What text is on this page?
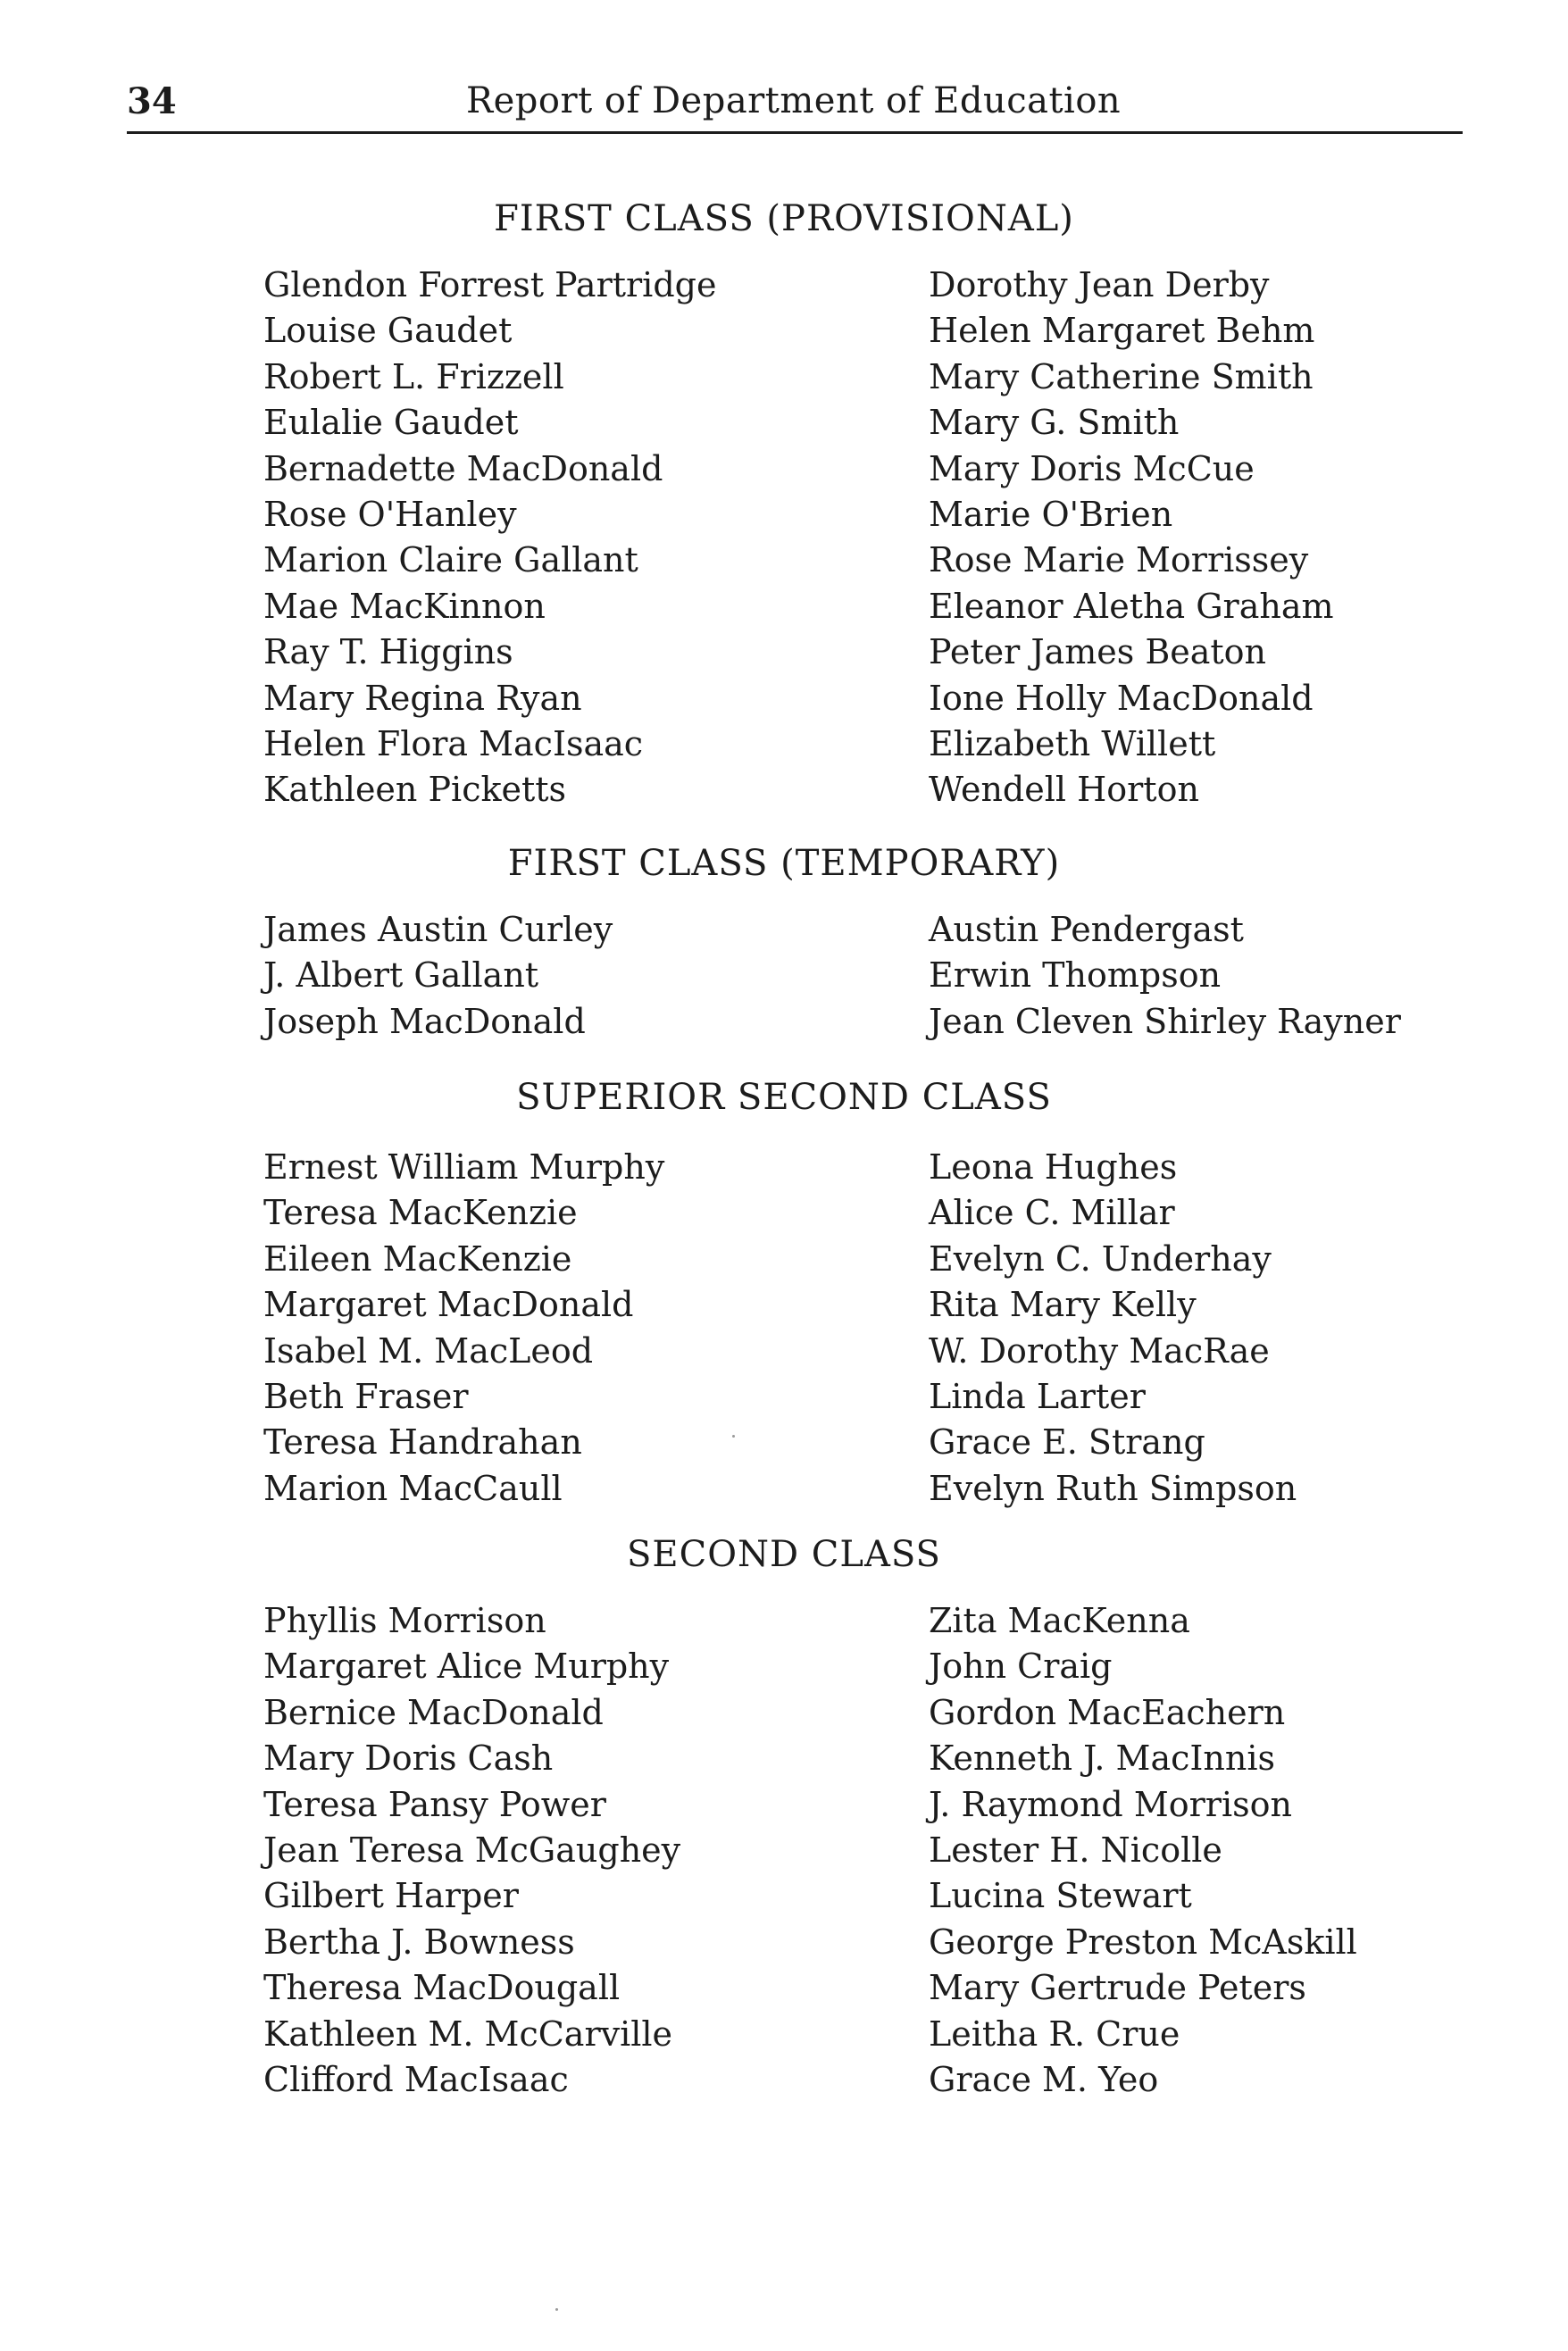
34	Report of Department of Education
FIRST CLASS (PROVISIONAL)
Glendon Forrest Partridge
Louise Gaudet
Robert L. Frizzell
Eulalie Gaudet
Bernadette MacDonald
Rose O'Hanley
Marion Claire Gallant
Mae MacKinnon
Ray T. Higgins
Mary Regina Ryan
Helen Flora MacIsaac
Kathleen Picketts
Dorothy Jean Derby
Helen Margaret Behm
Mary Catherine Smith
Mary G. Smith
Mary Doris McCue
Marie O'Brien
Rose Marie Morrissey
Eleanor Aletha Graham
Peter James Beaton
Ione Holly MacDonald
Elizabeth Willett
Wendell Horton
FIRST CLASS (TEMPORARY)
James Austin Curley
J. Albert Gallant
Joseph MacDonald
Austin Pendergast
Erwin Thompson
Jean Cleven Shirley Rayner
SUPERIOR SECOND CLASS
Ernest William Murphy
Teresa MacKenzie
Eileen MacKenzie
Margaret MacDonald
Isabel M. MacLeod
Beth Fraser
Teresa Handrahan
Marion MacCaull
Leona Hughes
Alice C. Millar
Evelyn C. Underhay
Rita Mary Kelly
W. Dorothy MacRae
Linda Larter
Grace E. Strang
Evelyn Ruth Simpson
SECOND CLASS
Phyllis Morrison
Margaret Alice Murphy
Bernice MacDonald
Mary Doris Cash
Teresa Pansy Power
Jean Teresa McGaughey
Gilbert Harper
Bertha J. Bowness
Theresa MacDougall
Kathleen M. McCarville
Clifford MacIsaac
Zita MacKenna
John Craig
Gordon MacEachern
Kenneth J. MacInnis
J. Raymond Morrison
Lester H. Nicolle
Lucina Stewart
George Preston McAskill
Mary Gertrude Peters
Leitha R. Crue
Grace M. Yeo
